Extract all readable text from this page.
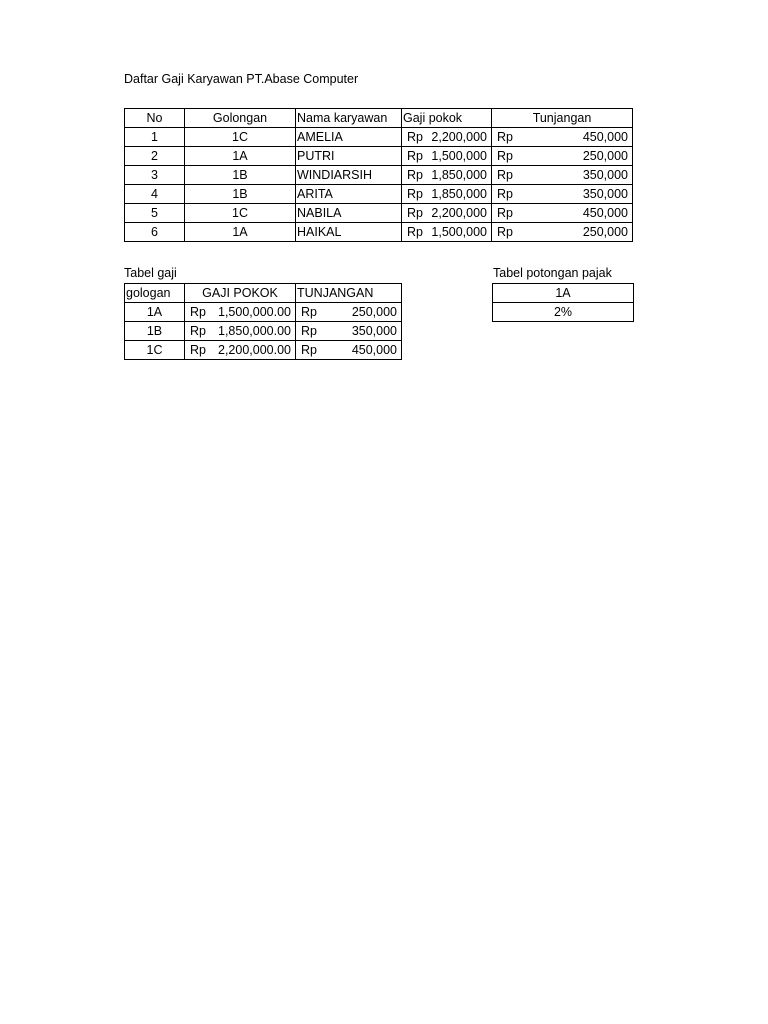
Daftar Gaji Karyawan PT.Abase Computer
No	Golongan	Nama karyawan	Gaji pokok	Tunjangan
1	1C	AMELIA	Rp 2,200,000	Rp 450,000

2	1A	PUTRI	Rp 1,500,000	Rp 250,000

3	1B	WINDIARSIH	Rp 1,850,000	Rp 350,000

4	1B	ARITA	Rp 1,850,000	Rp 350,000

5	1C	NABILA	Rp 2,200,000	Rp 450,000

6	1A	HAIKAL	Rp 1,500,000	Rp 250,000
Tabel gaji
gologan	GAJI POKOK	TUNJANGAN
1A	Rp 1,500,000.00	Rp 250,000

1B	Rp 1,850,000.00	Rp 350,000

1C	Rp 2,200,000.00	Rp 450,000
Tabel potongan pajak
1A
2%
